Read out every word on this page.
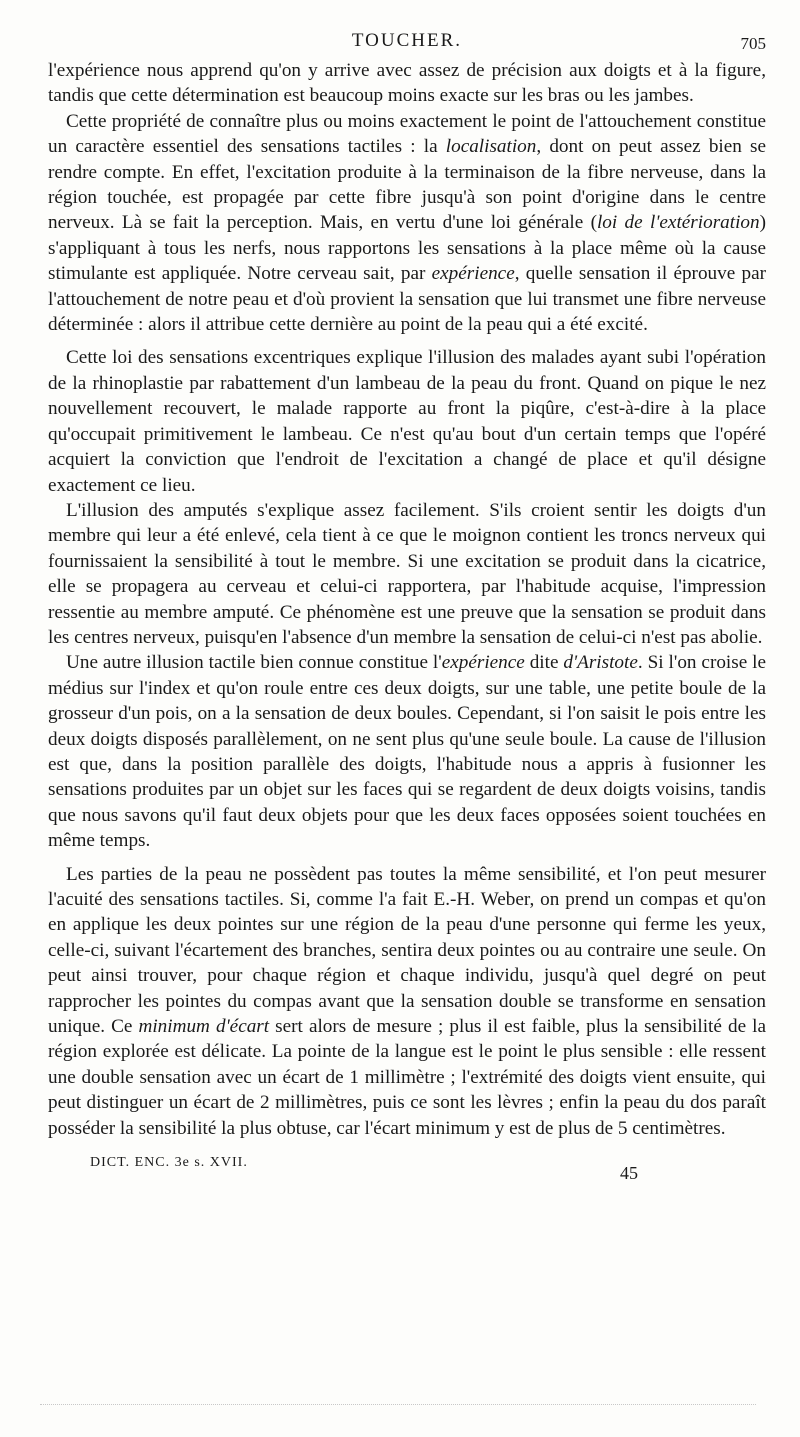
TOUCHER.	705

l'expérience nous apprend qu'on y arrive avec assez de précision aux doigts et à la figure, tandis que cette détermination est beaucoup moins exacte sur les bras ou les jambes.

Cette propriété de connaître plus ou moins exactement le point de l'attouchement constitue un caractère essentiel des sensations tactiles : la localisation, dont on peut assez bien se rendre compte. En effet, l'excitation produite à la terminaison de la fibre nerveuse, dans la région touchée, est propagée par cette fibre jusqu'à son point d'origine dans le centre nerveux. Là se fait la perception. Mais, en vertu d'une loi générale (loi de l'extérioration) s'appliquant à tous les nerfs, nous rapportons les sensations à la place même où la cause stimulante est appliquée. Notre cerveau sait, par expérience, quelle sensation il éprouve par l'attouchement de notre peau et d'où provient la sensation que lui transmet une fibre nerveuse déterminée : alors il attribue cette dernière au point de la peau qui a été excité.

Cette loi des sensations excentriques explique l'illusion des malades ayant subi l'opération de la rhinoplastie par rabattement d'un lambeau de la peau du front. Quand on pique le nez nouvellement recouvert, le malade rapporte au front la piqûre, c'est-à-dire à la place qu'occupait primitivement le lambeau. Ce n'est qu'au bout d'un certain temps que l'opéré acquiert la conviction que l'endroit de l'excitation a changé de place et qu'il désigne exactement ce lieu.

L'illusion des amputés s'explique assez facilement. S'ils croient sentir les doigts d'un membre qui leur a été enlevé, cela tient à ce que le moignon contient les troncs nerveux qui fournissaient la sensibilité à tout le membre. Si une excitation se produit dans la cicatrice, elle se propagera au cerveau et celui-ci rapportera, par l'habitude acquise, l'impression ressentie au membre amputé. Ce phénomène est une preuve que la sensation se produit dans les centres nerveux, puisqu'en l'absence d'un membre la sensation de celui-ci n'est pas abolie.

Une autre illusion tactile bien connue constitue l'expérience dite d'Aristote. Si l'on croise le médius sur l'index et qu'on roule entre ces deux doigts, sur une table, une petite boule de la grosseur d'un pois, on a la sensation de deux boules. Cependant, si l'on saisit le pois entre les deux doigts disposés parallèlement, on ne sent plus qu'une seule boule. La cause de l'illusion est que, dans la position parallèle des doigts, l'habitude nous a appris à fusionner les sensations produites par un objet sur les faces qui se regardent de deux doigts voisins, tandis que nous savons qu'il faut deux objets pour que les deux faces opposées soient touchées en même temps.

Les parties de la peau ne possèdent pas toutes la même sensibilité, et l'on peut mesurer l'acuité des sensations tactiles. Si, comme l'a fait E.-H. Weber, on prend un compas et qu'on en applique les deux pointes sur une région de la peau d'une personne qui ferme les yeux, celle-ci, suivant l'écartement des branches, sentira deux pointes ou au contraire une seule. On peut ainsi trouver, pour chaque région et chaque individu, jusqu'à quel degré on peut rapprocher les pointes du compas avant que la sensation double se transforme en sensation unique. Ce minimum d'écart sert alors de mesure ; plus il est faible, plus la sensibilité de la région explorée est délicate. La pointe de la langue est le point le plus sensible : elle ressent une double sensation avec un écart de 1 millimètre ; l'extrémité des doigts vient ensuite, qui peut distinguer un écart de 2 millimètres, puis ce sont les lèvres ; enfin la peau du dos paraît posséder la sensibilité la plus obtuse, car l'écart minimum y est de plus de 5 centimètres.

DICT. ENC. 3e s. XVII.
45
